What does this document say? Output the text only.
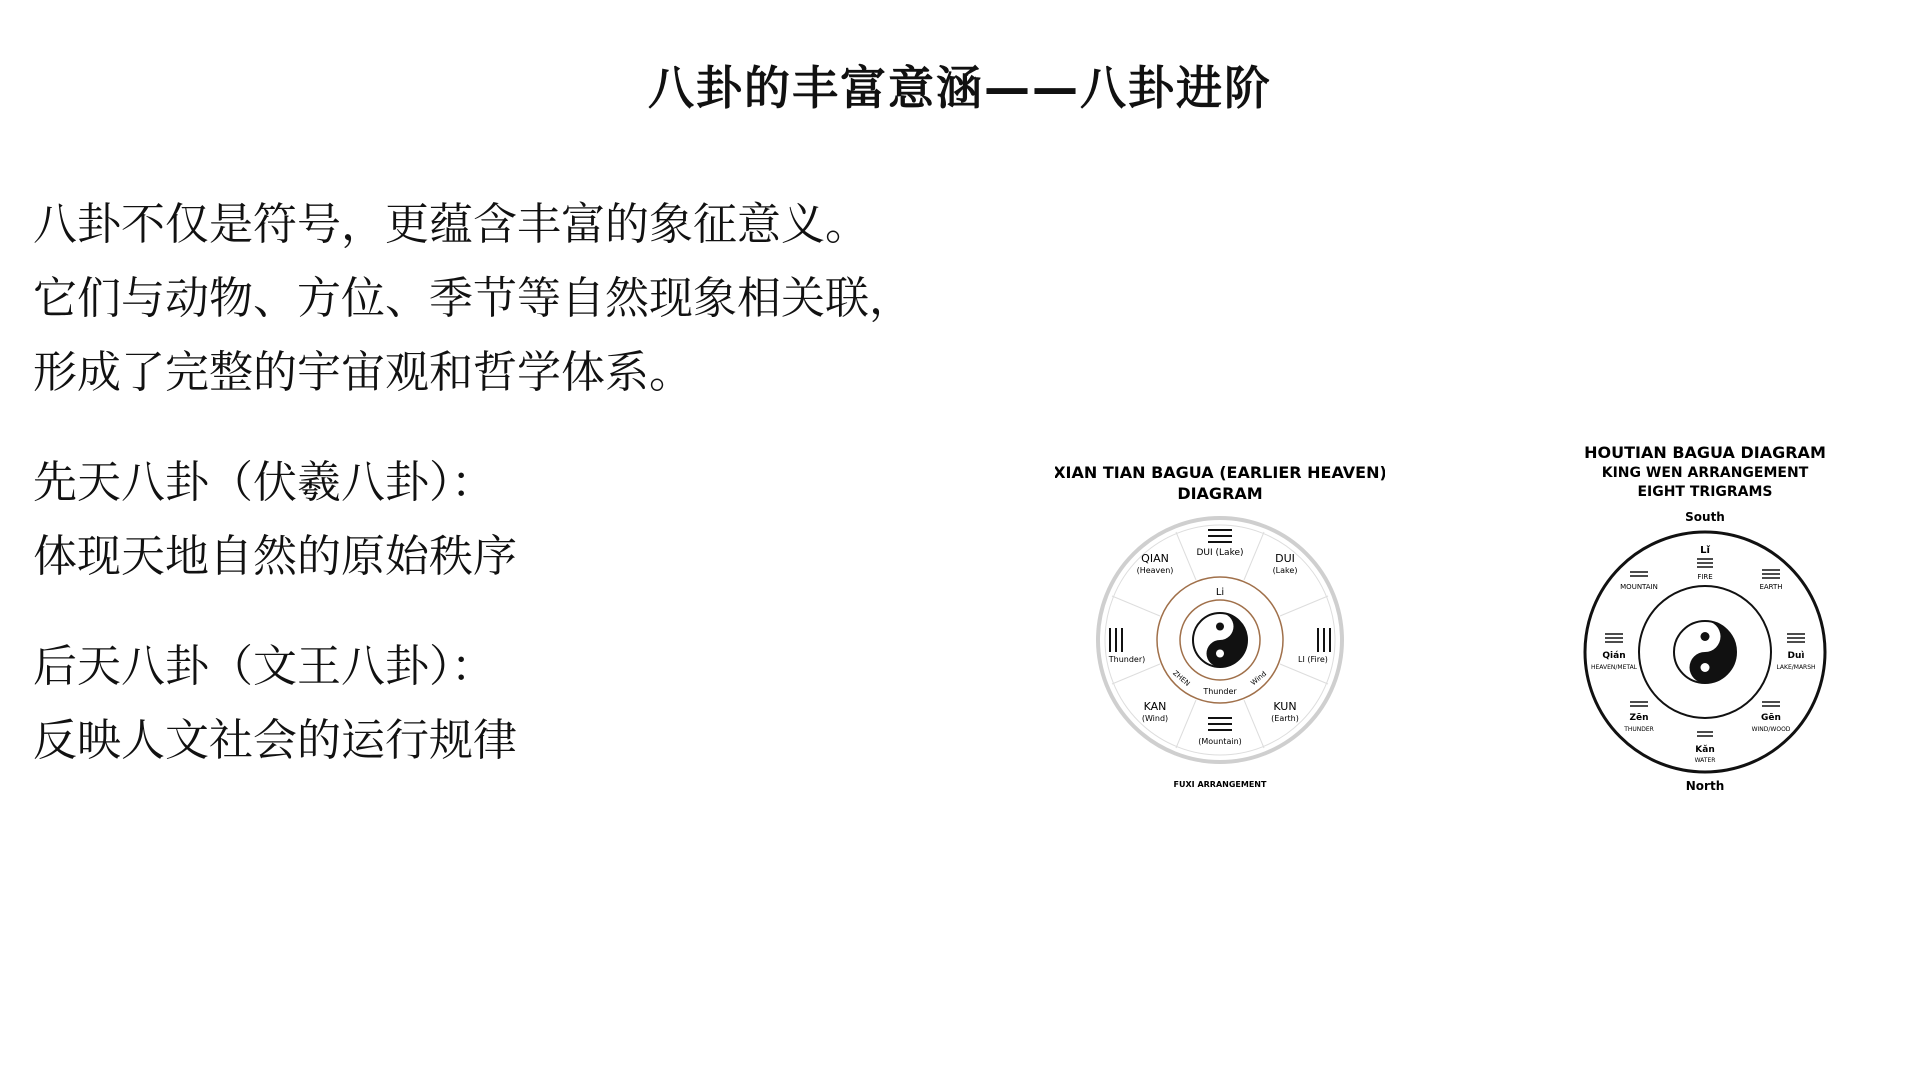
八卦的丰富意涵——八卦进阶
八卦不仅是符号，更蕴含丰富的象征意义。
它们与动物、方位、季节等自然现象相关联，
形成了完整的宇宙观和哲学体系。
先天八卦（伏羲八卦）：
体现天地自然的原始秩序
后天八卦（文王八卦）：
反映人文社会的运行规律
XIAN TIAN BAGUA (EARLIER HEAVEN)
DIAGRAM
DUI (Lake)
QIAN
(Heaven)
DUI
(Lake)
Thunder)	LI (Fire)
KAN
(Wind)
KUN
(Earth)
(Mountain)
Li
Thunder
ZHEN	Wind
FUXI ARRANGEMENT
HOUTIAN BAGUA DIAGRAM
KING WEN ARRANGEMENT
EIGHT TRIGRAMS
South
Lǐ
FIRE
EARTH
MOUNTAIN
Qián
HEAVEN/METAL
Duì
LAKE/MARSH
Zēn
THUNDER
Gēn
WIND/WOOD
Kǎn
WATER
North
